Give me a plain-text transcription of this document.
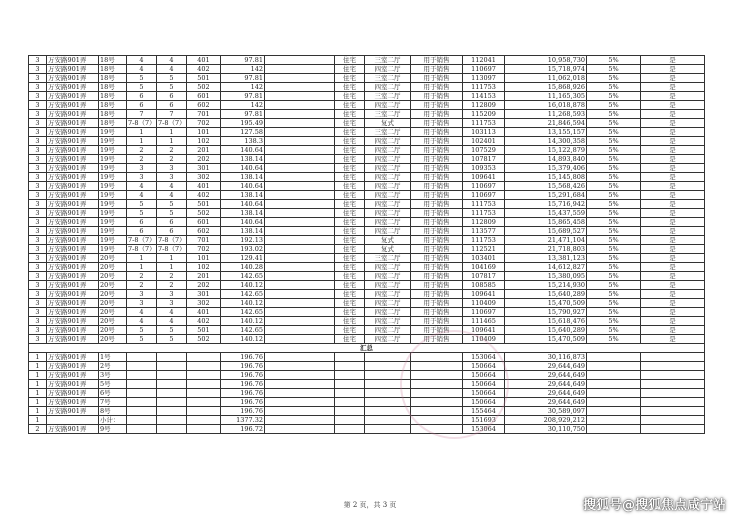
3	万安路901弄	18号	4	4	401	97.81		住宅	三室二厅	用于销售	112041	10,958,730	5%	是
3	万安路901弄	18号	4	4	402	142		住宅	四室二厅	用于销售	110697	15,718,974	5%	是
3	万安路901弄	18号	5	5	501	97.81		住宅	三室二厅	用于销售	113097	11,062,018	5%	是
3	万安路901弄	18号	5	5	502	142		住宅	四室二厅	用于销售	111753	15,868,926	5%	是
3	万安路901弄	18号	6	6	601	97.81		住宅	三室二厅	用于销售	114153	11,165,305	5%	是
3	万安路901弄	18号	6	6	602	142		住宅	四室二厅	用于销售	112809	16,018,878	5%	是
3	万安路901弄	18号	7	7	701	97.81		住宅	三室二厅	用于销售	115209	11,268,593	5%	是
3	万安路901弄	18号	7-8（7）	7-8（7）	702	195.49		住宅	复式	用于销售	111753	21,846,594	5%	是
3	万安路901弄	19号	1	1	101	127.58		住宅	三室二厅	用于销售	103113	13,155,157	5%	是
3	万安路901弄	19号	1	1	102	138.3		住宅	四室二厅	用于销售	102401	14,300,358	5%	是
3	万安路901弄	19号	2	2	201	140.64		住宅	四室二厅	用于销售	107529	15,122,879	5%	是
3	万安路901弄	19号	2	2	202	138.14		住宅	四室二厅	用于销售	107817	14,893,840	5%	是
3	万安路901弄	19号	3	3	301	140.64		住宅	四室二厅	用于销售	109353	15,379,406	5%	是
3	万安路901弄	19号	3	3	302	138.14		住宅	四室二厅	用于销售	109641	15,145,808	5%	是
3	万安路901弄	19号	4	4	401	140.64		住宅	四室二厅	用于销售	110697	15,568,426	5%	是
3	万安路901弄	19号	4	4	402	138.14		住宅	四室二厅	用于销售	110697	15,291,684	5%	是
3	万安路901弄	19号	5	5	501	140.64		住宅	四室二厅	用于销售	111753	15,716,942	5%	是
3	万安路901弄	19号	5	5	502	138.14		住宅	四室二厅	用于销售	111753	15,437,559	5%	是
3	万安路901弄	19号	6	6	601	140.64		住宅	四室二厅	用于销售	112809	15,865,458	5%	是
3	万安路901弄	19号	6	6	602	138.14		住宅	四室二厅	用于销售	113577	15,689,527	5%	是
3	万安路901弄	19号	7-8（7）	7-8（7）	701	192.13		住宅	复式	用于销售	111753	21,471,104	5%	是
3	万安路901弄	19号	7-8（7）	7-8（7）	702	193.02		住宅	复式	用于销售	112521	21,718,803	5%	是
3	万安路901弄	20号	1	1	101	129.41		住宅	三室二厅	用于销售	103401	13,381,123	5%	是
3	万安路901弄	20号	1	1	102	140.28		住宅	四室二厅	用于销售	104169	14,612,827	5%	是
3	万安路901弄	20号	2	2	201	142.65		住宅	四室二厅	用于销售	107817	15,380,095	5%	是
3	万安路901弄	20号	2	2	202	140.12		住宅	四室二厅	用于销售	108585	15,214,930	5%	是
3	万安路901弄	20号	3	3	301	142.65		住宅	四室二厅	用于销售	109641	15,640,289	5%	是
3	万安路901弄	20号	3	3	302	140.12		住宅	四室二厅	用于销售	110409	15,470,509	5%	是
3	万安路901弄	20号	4	4	401	142.65		住宅	四室二厅	用于销售	110697	15,790,927	5%	是
3	万安路901弄	20号	4	4	402	140.12		住宅	四室二厅	用于销售	111465	15,618,476	5%	是
3	万安路901弄	20号	5	5	501	142.65		住宅	四室二厅	用于销售	109641	15,640,289	5%	是
3	万安路901弄	20号	5	5	502	140.12		住宅	四室二厅	用于销售	110409	15,470,509	5%	是
汇总														
1	万安路901弄	1号				196.76					153064	30,116,873		
1	万安路901弄	2号				196.76					150664	29,644,649		
1	万安路901弄	3号				196.76					150664	29,644,649		
1	万安路901弄	5号				196.76					150664	29,644,649		
1	万安路901弄	6号				196.76					150664	29,644,649		
1	万安路901弄	7号				196.76					150664	29,644,649		
1	万安路901弄	8号				196.76					155464	30,589,097		
1		小计：				1377.32					151693	208,929,212		
2	万安路901弄	9号				196.72					153064	30,110,750		
第 2 页，共 3 页	搜狐号@搜狐焦点咸宁站
